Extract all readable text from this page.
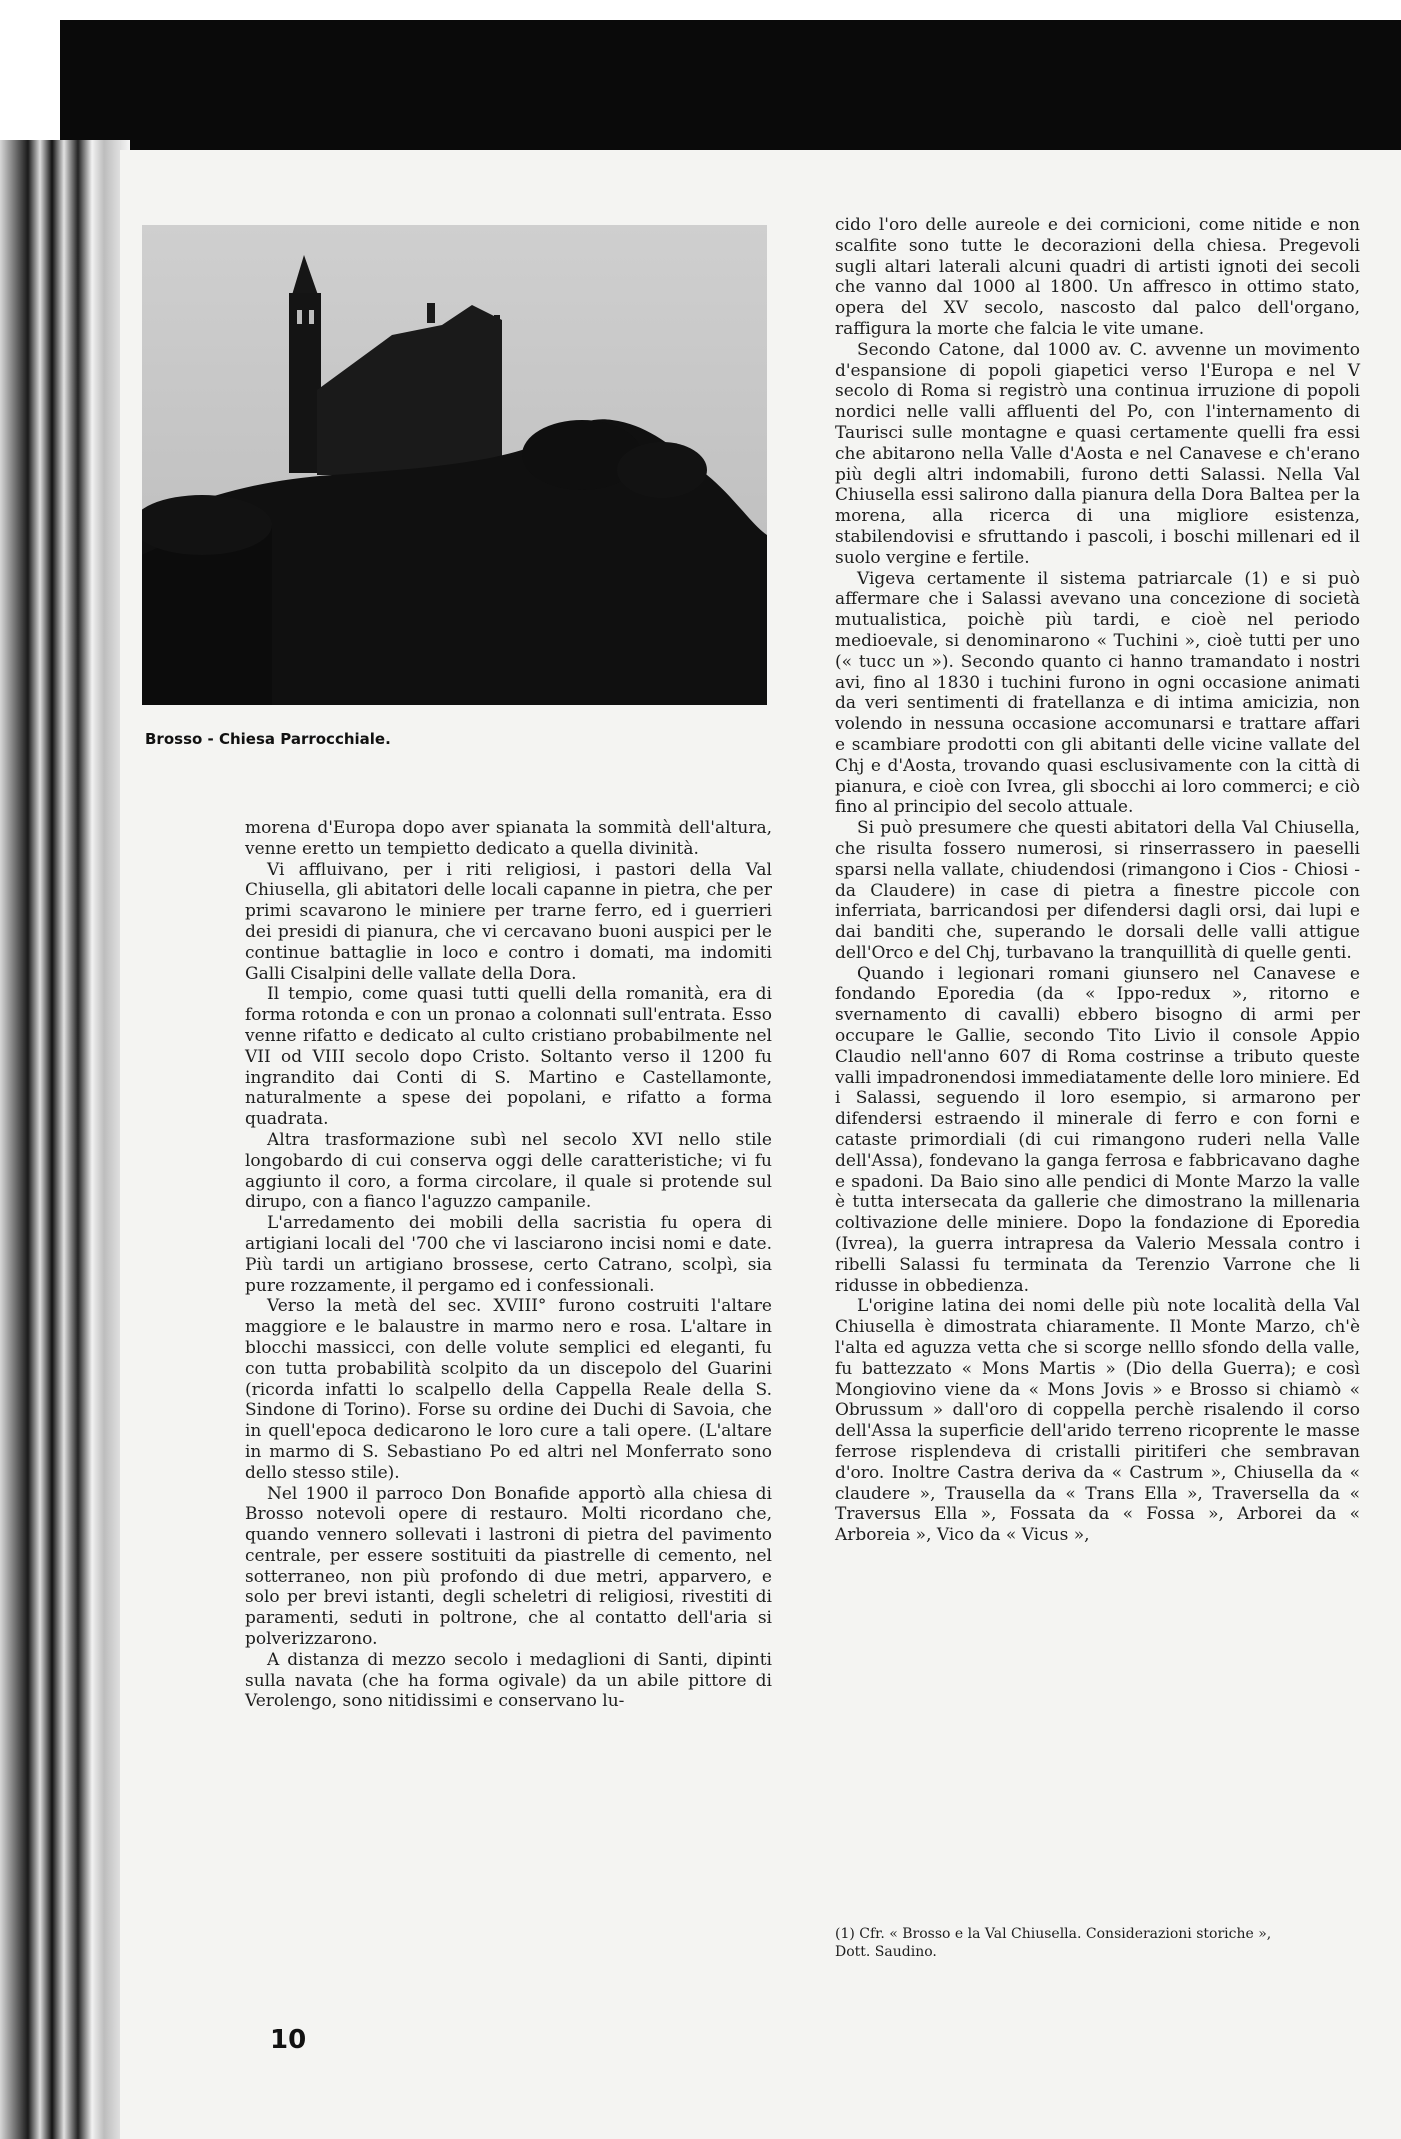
Brosso - Chiesa Parrocchiale.

morena d'Europa dopo aver spianata la sommità dell'altura, venne eretto un tempietto dedicato a quella divinità.

Vi affluivano, per i riti religiosi, i pastori della Val Chiusella, gli abitatori delle locali capanne in pietra, che per primi scavarono le miniere per trarne ferro, ed i guerrieri dei presidi di pianura, che vi cercavano buoni auspici per le continue battaglie in loco e contro i domati, ma indomiti Galli Cisalpini delle vallate della Dora.

Il tempio, come quasi tutti quelli della romanità, era di forma rotonda e con un pronao a colonnati sull'entrata. Esso venne rifatto e dedicato al culto cristiano probabilmente nel VII od VIII secolo dopo Cristo. Soltanto verso il 1200 fu ingrandito dai Conti di S. Martino e Castellamonte, naturalmente a spese dei popolani, e rifatto a forma quadrata.

Altra trasformazione subì nel secolo XVI nello stile longobardo di cui conserva oggi delle caratteristiche; vi fu aggiunto il coro, a forma circolare, il quale si protende sul dirupo, con a fianco l'aguzzo campanile.

L'arredamento dei mobili della sacristia fu opera di artigiani locali del '700 che vi lasciarono incisi nomi e date. Più tardi un artigiano brossese, certo Catrano, scolpì, sia pure rozzamente, il pergamo ed i confessionali.

Verso la metà del sec. XVIII° furono costruiti l'altare maggiore e le balaustre in marmo nero e rosa. L'altare in blocchi massicci, con delle volute semplici ed eleganti, fu con tutta probabilità scolpito da un discepolo del Guarini (ricorda infatti lo scalpello della Cappella Reale della S. Sindone di Torino). Forse su ordine dei Duchi di Savoia, che in quell'epoca dedicarono le loro cure a tali opere. (L'altare in marmo di S. Sebastiano Po ed altri nel Monferrato sono dello stesso stile).

Nel 1900 il parroco Don Bonafide apportò alla chiesa di Brosso notevoli opere di restauro. Molti ricordano che, quando vennero sollevati i lastroni di pietra del pavimento centrale, per essere sostituiti da piastrelle di cemento, nel sotterraneo, non più profondo di due metri, apparvero, e solo per brevi istanti, degli scheletri di religiosi, rivestiti di paramenti, seduti in poltrone, che al contatto dell'aria si polverizzarono.

A distanza di mezzo secolo i medaglioni di Santi, dipinti sulla navata (che ha forma ogivale) da un abile pittore di Verolengo, sono nitidissimi e conservano lu-

cido l'oro delle aureole e dei cornicioni, come nitide e non scalfite sono tutte le decorazioni della chiesa. Pregevoli sugli altari laterali alcuni quadri di artisti ignoti dei secoli che vanno dal 1000 al 1800. Un affresco in ottimo stato, opera del XV secolo, nascosto dal palco dell'organo, raffigura la morte che falcia le vite umane.

Secondo Catone, dal 1000 av. C. avvenne un movimento d'espansione di popoli giapetici verso l'Europa e nel V secolo di Roma si registrò una continua irruzione di popoli nordici nelle valli affluenti del Po, con l'internamento di Taurisci sulle montagne e quasi certamente quelli fra essi che abitarono nella Valle d'Aosta e nel Canavese e ch'erano più degli altri indomabili, furono detti Salassi. Nella Val Chiusella essi salirono dalla pianura della Dora Baltea per la morena, alla ricerca di una migliore esistenza, stabilendovisi e sfruttando i pascoli, i boschi millenari ed il suolo vergine e fertile.

Vigeva certamente il sistema patriarcale (1) e si può affermare che i Salassi avevano una concezione di società mutualistica, poichè più tardi, e cioè nel periodo medioevale, si denominarono « Tuchini », cioè tutti per uno (« tucc un »). Secondo quanto ci hanno tramandato i nostri avi, fino al 1830 i tuchini furono in ogni occasione animati da veri sentimenti di fratellanza e di intima amicizia, non volendo in nessuna occasione accomunarsi e trattare affari e scambiare prodotti con gli abitanti delle vicine vallate del Chj e d'Aosta, trovando quasi esclusivamente con la città di pianura, e cioè con Ivrea, gli sbocchi ai loro commerci; e ciò fino al principio del secolo attuale.

Si può presumere che questi abitatori della Val Chiusella, che risulta fossero numerosi, si rinserrassero in paeselli sparsi nella vallate, chiudendosi (rimangono i Cios - Chiosi - da Claudere) in case di pietra a finestre piccole con inferriata, barricandosi per difendersi dagli orsi, dai lupi e dai banditi che, superando le dorsali delle valli attigue dell'Orco e del Chj, turbavano la tranquillità di quelle genti.

Quando i legionari romani giunsero nel Canavese e fondando Eporedia (da « Ippo-redux », ritorno e svernamento di cavalli) ebbero bisogno di armi per occupare le Gallie, secondo Tito Livio il console Appio Claudio nell'anno 607 di Roma costrinse a tributo queste valli impadronendosi immediatamente delle loro miniere. Ed i Salassi, seguendo il loro esempio, si armarono per difendersi estraendo il minerale di ferro e con forni e cataste primordiali (di cui rimangono ruderi nella Valle dell'Assa), fondevano la ganga ferrosa e fabbricavano daghe e spadoni. Da Baio sino alle pendici di Monte Marzo la valle è tutta intersecata da gallerie che dimostrano la millenaria coltivazione delle miniere. Dopo la fondazione di Eporedia (Ivrea), la guerra intrapresa da Valerio Messala contro i ribelli Salassi fu terminata da Terenzio Varrone che li ridusse in obbedienza.

L'origine latina dei nomi delle più note località della Val Chiusella è dimostrata chiaramente. Il Monte Marzo, ch'è l'alta ed aguzza vetta che si scorge nelllo sfondo della valle, fu battezzato « Mons Martis » (Dio della Guerra); e così Mongiovino viene da « Mons Jovis » e Brosso si chiamò « Obrussum » dall'oro di coppella perchè risalendo il corso dell'Assa la superficie dell'arido terreno ricoprente le masse ferrose risplendeva di cristalli piritiferi che sembravan d'oro. Inoltre Castra deriva da « Castrum », Chiusella da « claudere », Trausella da « Trans Ella », Traversella da « Traversus Ella », Fossata da « Fossa », Arborei da « Arboreia », Vico da « Vicus »,

(1) Cfr. « Brosso e la Val Chiusella. Considerazioni storiche »,
Dott. Saudino.
10
